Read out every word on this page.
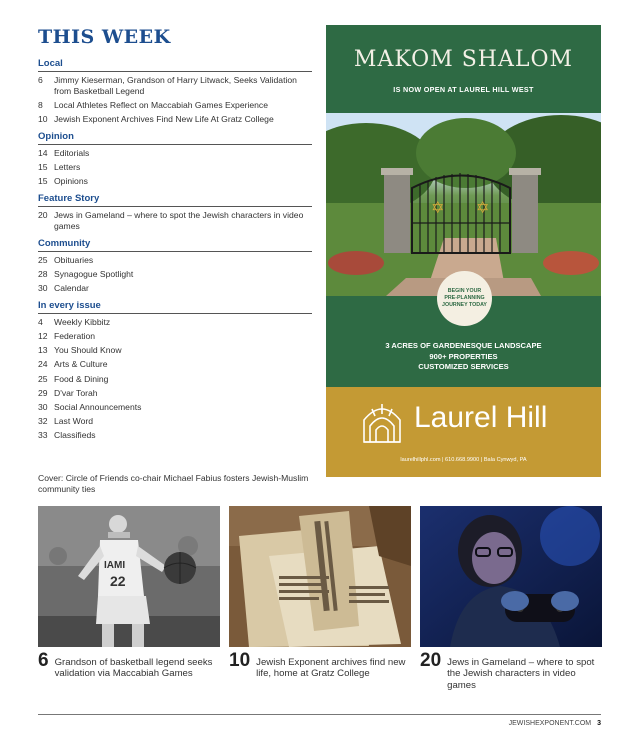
THIS WEEK
Local
6	Jimmy Kieserman, Grandson of Harry Litwack, Seeks Validation from Basketball Legend
8	Local Athletes Reflect on Maccabiah Games Experience
10 Jewish Exponent Archives Find New Life At Gratz College
Opinion
14 Editorials
15 Letters
15 Opinions
Feature Story
20 Jews in Gameland – where to spot the Jewish characters in video games
Community
25 Obituaries
28 Synagogue Spotlight
30 Calendar
In every issue
4	Weekly Kibbitz
12 Federation
13 You Should Know
24 Arts & Culture
25 Food & Dining
29 D'var Torah
30 Social Announcements
32 Last Word
33 Classifieds
Cover: Circle of Friends co-chair Michael Fabius fosters Jewish-Muslim community ties
MAKOM SHALOM
IS NOW OPEN AT LAUREL HILL WEST
✡ ✡
BEGIN YOUR PRE-PLANNING JOURNEY TODAY
3 ACRES OF GARDENESQUE LANDSCAPE
900+ PROPERTIES
CUSTOMIZED SERVICES
Laurel Hill
laurelhillphl.com | 610.668.9900 | Bala Cynwyd, PA
IAMI
22
6 Grandson of basketball legend seeks validation via Maccabiah Games
10 Jewish Exponent archives find new life, home at Gratz College
20 Jews in Gameland – where to spot the Jewish characters in video games
JEWISHEXPONENT.COM 3
